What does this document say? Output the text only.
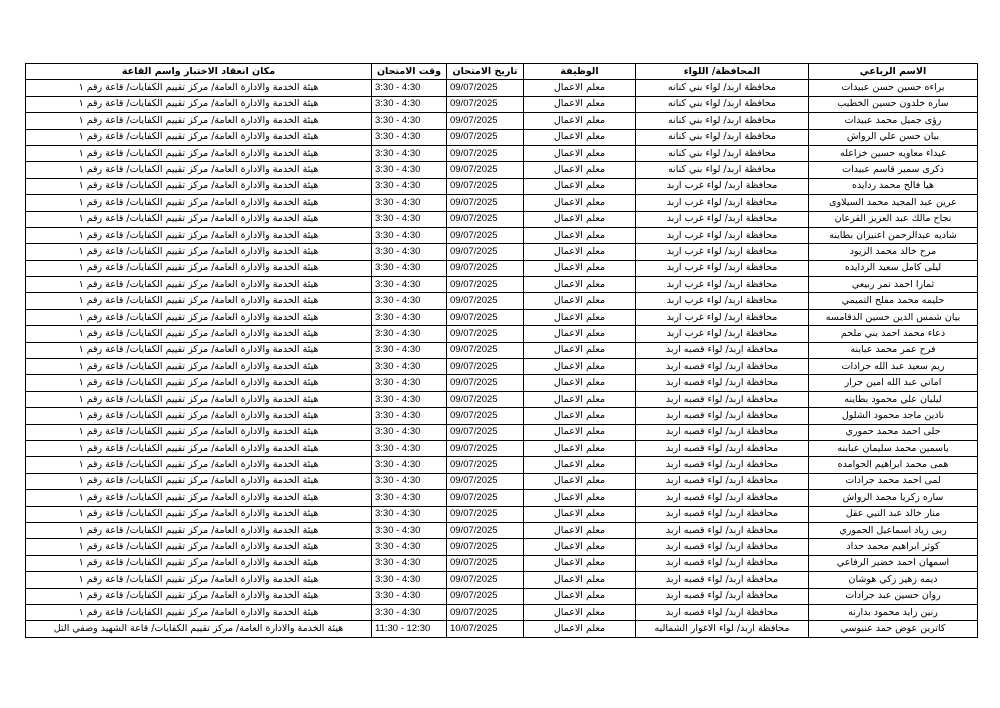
الاسم الرباعي	المحافظة/ اللواء	الوظيفة	تاريخ الامتحان	وقت الامتحان	مكان انعقاد الاختبار واسم القاعة
براءه حسين حسن عبيدات	محافظة اربد/ لواء بني كنانه	معلم الاعمال	09/07/2025	3:30 - 4:30	هيئة الخدمة والادارة العامة/ مركز تقييم الكفايات/ قاعة رقم ١
ساره خلدون حسين الخطيب	محافظة اربد/ لواء بني كنانه	معلم الاعمال	09/07/2025	3:30 - 4:30	هيئة الخدمة والادارة العامة/ مركز تقييم الكفايات/ قاعة رقم ١
رؤى جميل محمد عبيدات	محافظة اربد/ لواء بني كنانه	معلم الاعمال	09/07/2025	3:30 - 4:30	هيئة الخدمة والادارة العامة/ مركز تقييم الكفايات/ قاعة رقم ١
بيان حسن علي الرواش	محافظة اربد/ لواء بني كنانه	معلم الاعمال	09/07/2025	3:30 - 4:30	هيئة الخدمة والادارة العامة/ مركز تقييم الكفايات/ قاعة رقم ١
غيداء معاويه حسين خزاعله	محافظة اربد/ لواء بني كنانه	معلم الاعمال	09/07/2025	3:30 - 4:30	هيئة الخدمة والادارة العامة/ مركز تقييم الكفايات/ قاعة رقم ١
ذكرى سمير قاسم عبيدات	محافظة اربد/ لواء بني كنانه	معلم الاعمال	09/07/2025	3:30 - 4:30	هيئة الخدمة والادارة العامة/ مركز تقييم الكفايات/ قاعة رقم ١
هيا فالح محمد ردايده	محافظة اربد/ لواء غرب اربد	معلم الاعمال	09/07/2025	3:30 - 4:30	هيئة الخدمة والادارة العامة/ مركز تقييم الكفايات/ قاعة رقم ١
عرين عبد المجيد محمد السيلاوى	محافظة اربد/ لواء غرب اربد	معلم الاعمال	09/07/2025	3:30 - 4:30	هيئة الخدمة والادارة العامة/ مركز تقييم الكفايات/ قاعة رقم ١
نجاح مالك عبد العزيز القرعان	محافظة اربد/ لواء غرب اربد	معلم الاعمال	09/07/2025	3:30 - 4:30	هيئة الخدمة والادارة العامة/ مركز تقييم الكفايات/ قاعة رقم ١
شاديه عبدالرحمن اعنيزان بطاينه	محافظة اربد/ لواء غرب اربد	معلم الاعمال	09/07/2025	3:30 - 4:30	هيئة الخدمة والادارة العامة/ مركز تقييم الكفايات/ قاعة رقم ١
مرح خالد محمد الزيود	محافظة اربد/ لواء غرب اربد	معلم الاعمال	09/07/2025	3:30 - 4:30	هيئة الخدمة والادارة العامة/ مركز تقييم الكفايات/ قاعة رقم ١
ليلى كامل سعيد الردايده	محافظة اربد/ لواء غرب اربد	معلم الاعمال	09/07/2025	3:30 - 4:30	هيئة الخدمة والادارة العامة/ مركز تقييم الكفايات/ قاعة رقم ١
ثمارا احمد نمر ربيعي	محافظة اربد/ لواء غرب اربد	معلم الاعمال	09/07/2025	3:30 - 4:30	هيئة الخدمة والادارة العامة/ مركز تقييم الكفايات/ قاعة رقم ١
حليمه محمد مفلح التميمي	محافظة اربد/ لواء غرب اربد	معلم الاعمال	09/07/2025	3:30 - 4:30	هيئة الخدمة والادارة العامة/ مركز تقييم الكفايات/ قاعة رقم ١
بيان شمس الدين حسين الدقامسه	محافظة اربد/ لواء غرب اربد	معلم الاعمال	09/07/2025	3:30 - 4:30	هيئة الخدمة والادارة العامة/ مركز تقييم الكفايات/ قاعة رقم ١
دعاء محمد احمد بني ملحم	محافظة اربد/ لواء غرب اربد	معلم الاعمال	09/07/2025	3:30 - 4:30	هيئة الخدمة والادارة العامة/ مركز تقييم الكفايات/ قاعة رقم ١
فرح عمر محمد عبابنه	محافظة اربد/ لواء قصبه اربد	معلم الاعمال	09/07/2025	3:30 - 4:30	هيئة الخدمة والادارة العامة/ مركز تقييم الكفايات/ قاعة رقم ١
ريم سعيد عبد الله جرادات	محافظة اربد/ لواء قصبه اربد	معلم الاعمال	09/07/2025	3:30 - 4:30	هيئة الخدمة والادارة العامة/ مركز تقييم الكفايات/ قاعة رقم ١
اماني عبد الله امين جرار	محافظة اربد/ لواء قصبه اربد	معلم الاعمال	09/07/2025	3:30 - 4:30	هيئة الخدمة والادارة العامة/ مركز تقييم الكفايات/ قاعة رقم ١
ليليان علي محمود بطاينه	محافظة اربد/ لواء قصبه اربد	معلم الاعمال	09/07/2025	3:30 - 4:30	هيئة الخدمة والادارة العامة/ مركز تقييم الكفايات/ قاعة رقم ١
نادين ماجد محمود الشلول	محافظة اربد/ لواء قصبه اربد	معلم الاعمال	09/07/2025	3:30 - 4:30	هيئة الخدمة والادارة العامة/ مركز تقييم الكفايات/ قاعة رقم ١
حلى احمد محمد حموري	محافظة اربد/ لواء قصبه اربد	معلم الاعمال	09/07/2025	3:30 - 4:30	هيئة الخدمة والادارة العامة/ مركز تقييم الكفايات/ قاعة رقم ١
ياسمين محمد سليمان عبابنه	محافظة اربد/ لواء قصبه اربد	معلم الاعمال	09/07/2025	3:30 - 4:30	هيئة الخدمة والادارة العامة/ مركز تقييم الكفايات/ قاعة رقم ١
همى محمد ابراهيم الحوامده	محافظة اربد/ لواء قصبه اربد	معلم الاعمال	09/07/2025	3:30 - 4:30	هيئة الخدمة والادارة العامة/ مركز تقييم الكفايات/ قاعة رقم ١
لمى احمد محمد جرادات	محافظة اربد/ لواء قصبه اربد	معلم الاعمال	09/07/2025	3:30 - 4:30	هيئة الخدمة والادارة العامة/ مركز تقييم الكفايات/ قاعة رقم ١
ساره زكريا محمد الرواش	محافظة اربد/ لواء قصبه اربد	معلم الاعمال	09/07/2025	3:30 - 4:30	هيئة الخدمة والادارة العامة/ مركز تقييم الكفايات/ قاعة رقم ١
منار خالد عبد النبي عقل	محافظة اربد/ لواء قصبه اربد	معلم الاعمال	09/07/2025	3:30 - 4:30	هيئة الخدمة والادارة العامة/ مركز تقييم الكفايات/ قاعة رقم ١
ربى زياد اسماعيل الحموري	محافظة اربد/ لواء قصبه اربد	معلم الاعمال	09/07/2025	3:30 - 4:30	هيئة الخدمة والادارة العامة/ مركز تقييم الكفايات/ قاعة رقم ١
كوثر ابراهيم محمد حداد	محافظة اربد/ لواء قصبه اربد	معلم الاعمال	09/07/2025	3:30 - 4:30	هيئة الخدمة والادارة العامة/ مركز تقييم الكفايات/ قاعة رقم ١
اسمهان احمد خضير الرفاعي	محافظة اربد/ لواء قصبه اربد	معلم الاعمال	09/07/2025	3:30 - 4:30	هيئة الخدمة والادارة العامة/ مركز تقييم الكفايات/ قاعة رقم ١
ديمه زهير زكي هوشان	محافظة اربد/ لواء قصبه اربد	معلم الاعمال	09/07/2025	3:30 - 4:30	هيئة الخدمة والادارة العامة/ مركز تقييم الكفايات/ قاعة رقم ١
روان حسين عبد جرادات	محافظة اربد/ لواء قصبه اربد	معلم الاعمال	09/07/2025	3:30 - 4:30	هيئة الخدمة والادارة العامة/ مركز تقييم الكفايات/ قاعة رقم ١
رنين زايد محمود بدارنه	محافظة اربد/ لواء قصبه اربد	معلم الاعمال	09/07/2025	3:30 - 4:30	هيئة الخدمة والادارة العامة/ مركز تقييم الكفايات/ قاعة رقم ١
كاترين عوض حمد عنبوسي	محافظة اربد/ لواء الاغوار الشماليه	معلم الاعمال	10/07/2025	11:30 - 12:30	هيئة الخدمة والادارة العامة/ مركز تقييم الكفايات/ قاعة الشهيد وصفي التل
